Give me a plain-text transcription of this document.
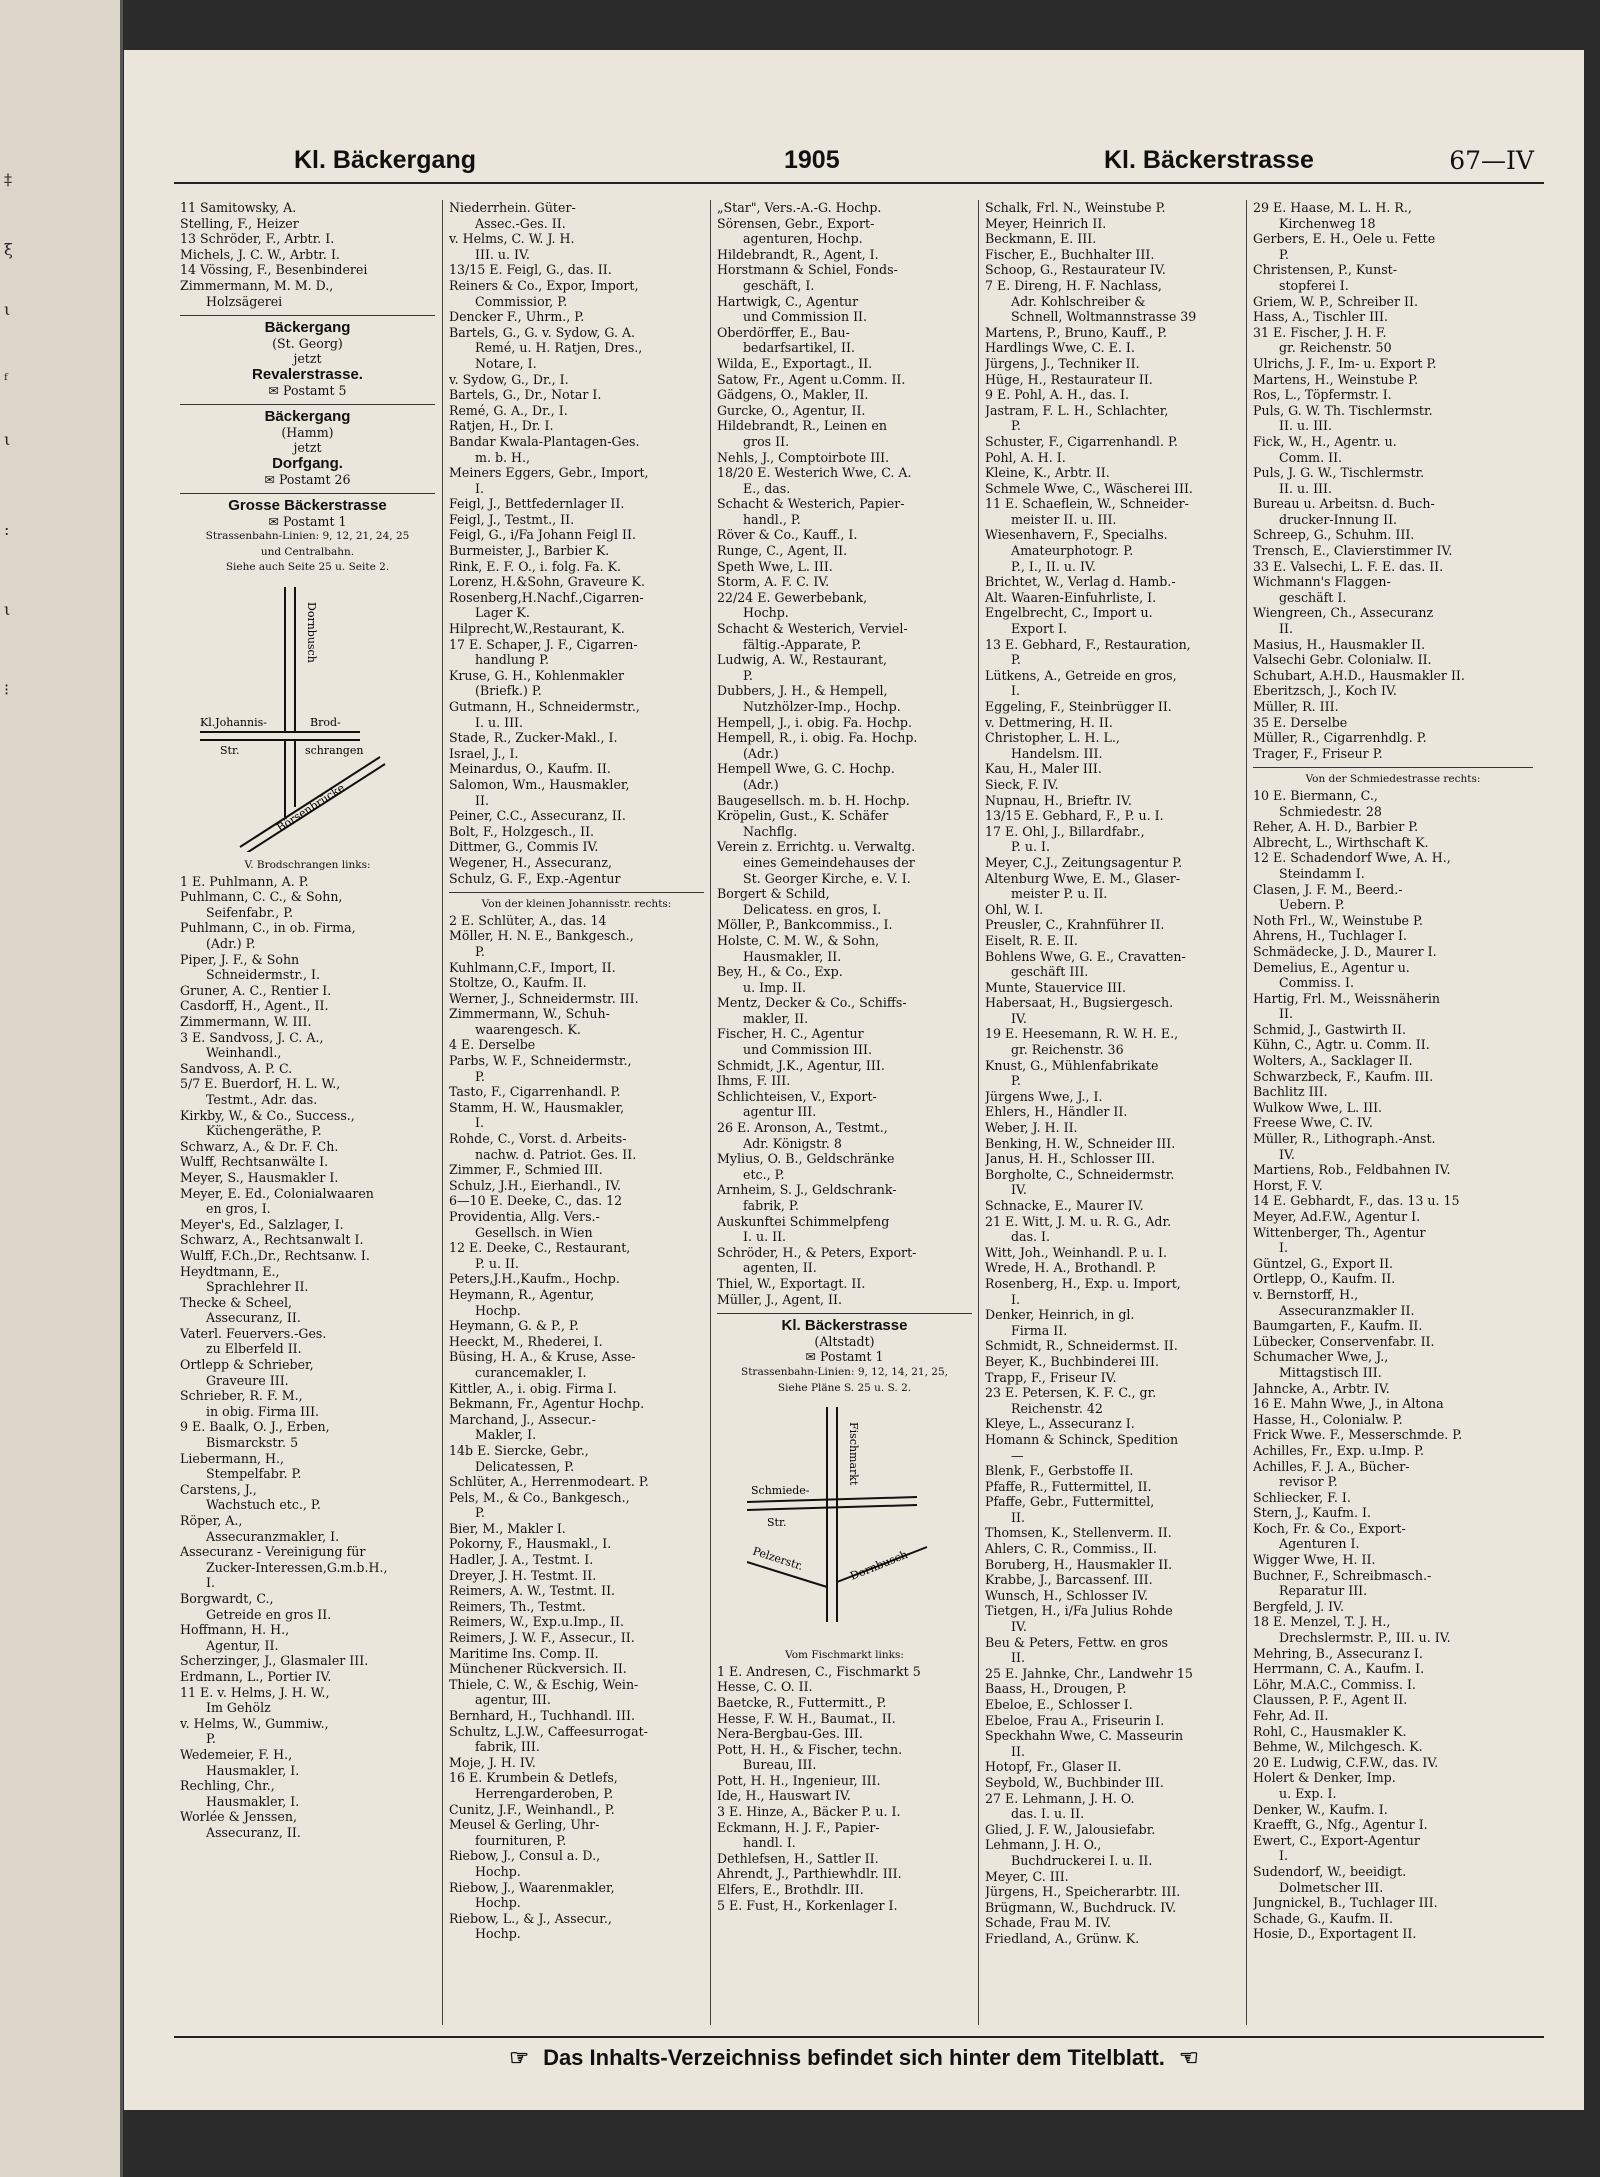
‡
ξ
ι
ᶠ
ι
:
ι
⁝
Kl. Bäckergang	1905	Kl. Bäckerstrasse	67—IV
11 Samitowsky, A.
Stelling, F., Heizer
13 Schröder, F., Arbtr. I.
Michels, J. C. W., Arbtr. I.
14 Vössing, F., Besenbinderei
Zimmermann, M. M. D.,
Holzsägerei
Bäckergang
(St. Georg)
jetzt
Revalerstrasse.
✉ Postamt 5
Bäckergang
(Hamm)
jetzt
Dorfgang.
✉ Postamt 26
Grosse Bäckerstrasse
✉ Postamt 1
Strassenbahn-Linien: 9, 12, 21, 24, 25
und Centralbahn.
Siehe auch Seite 25 u. Seite 2.
Dornbusch
Kl.Johannis-
Str.
Brod-
schrangen
Börsenbrücke
V. Brodschrangen links:
1 E. Puhlmann, A. P.
Puhlmann, C. C., & Sohn,
Seifenfabr., P.
Puhlmann, C., in ob. Firma,
(Adr.) P.
Piper, J. F., & Sohn
Schneidermstr., I.
Gruner, A. C., Rentier I.
Casdorff, H., Agent., II.
Zimmermann, W. III.
3 E. Sandvoss, J. C. A.,
Weinhandl.,
Sandvoss, A. P. C.
5/7 E. Buerdorf, H. L. W.,
Testmt., Adr. das.
Kirkby, W., & Co., Success.,
Küchengeräthe, P.
Schwarz, A., & Dr. F. Ch.
Wulff, Rechtsanwälte I.
Meyer, S., Hausmakler I.
Meyer, E. Ed., Colonialwaaren
en gros, I.
Meyer's, Ed., Salzlager, I.
Schwarz, A., Rechtsanwalt I.
Wulff, F.Ch.,Dr., Rechtsanw. I.
Heydtmann, E.,
Sprachlehrer II.
Thecke & Scheel,
Assecuranz, II.
Vaterl. Feuervers.-Ges.
zu Elberfeld II.
Ortlepp & Schrieber,
Graveure III.
Schrieber, R. F. M.,
in obig. Firma III.
9 E. Baalk, O. J., Erben,
Bismarckstr. 5
Liebermann, H.,
Stempelfabr. P.
Carstens, J.,
Wachstuch etc., P.
Röper, A.,
Assecuranzmakler, I.
Assecuranz - Vereinigung für
Zucker-Interessen,G.m.b.H.,
I.
Borgwardt, C.,
Getreide en gros II.
Hoffmann, H. H.,
Agentur, II.
Scherzinger, J., Glasmaler III.
Erdmann, L., Portier IV.
11 E. v. Helms, J. H. W.,
Im Gehölz
v. Helms, W., Gummiw.,
P.
Wedemeier, F. H.,
Hausmakler, I.
Rechling, Chr.,
Hausmakler, I.
Worlée & Jenssen,
Assecuranz, II.
Niederrhein. Güter-
Assec.-Ges. II.
v. Helms, C. W. J. H.
III. u. IV.
13/15 E. Feigl, G., das. II.
Reiners & Co., Expor, Import,
Commissior, P.
Dencker F., Uhrm., P.
Bartels, G., G. v. Sydow, G. A.
Remé, u. H. Ratjen, Dres.,
Notare, I.
v. Sydow, G., Dr., I.
Bartels, G., Dr., Notar I.
Remé, G. A., Dr., I.
Ratjen, H., Dr. I.
Bandar Kwala-Plantagen-Ges.
m. b. H.,
Meiners Eggers, Gebr., Import,
I.
Feigl, J., Bettfedernlager II.
Feigl, J., Testmt., II.
Feigl, G., i/Fa Johann Feigl II.
Burmeister, J., Barbier K.
Rink, E. F. O., i. folg. Fa. K.
Lorenz, H.&Sohn, Graveure K.
Rosenberg,H.Nachf.,Cigarren-
Lager K.
Hilprecht,W.,Restaurant, K.
17 E. Schaper, J. F., Cigarren-
handlung P.
Kruse, G. H., Kohlenmakler
(Briefk.) P.
Gutmann, H., Schneidermstr.,
I. u. III.
Stade, R., Zucker-Makl., I.
Israel, J., I.
Meinardus, O., Kaufm. II.
Salomon, Wm., Hausmakler,
II.
Peiner, C.C., Assecuranz, II.
Bolt, F., Holzgesch., II.
Dittmer, G., Commis IV.
Wegener, H., Assecuranz,
Schulz, G. F., Exp.-Agentur
Von der kleinen Johannisstr. rechts:
2 E. Schlüter, A., das. 14
Möller, H. N. E., Bankgesch.,
P.
Kuhlmann,C.F., Import, II.
Stoltze, O., Kaufm. II.
Werner, J., Schneidermstr. III.
Zimmermann, W., Schuh-
waarengesch. K.
4 E. Derselbe
Parbs, W. F., Schneidermstr.,
P.
Tasto, F., Cigarrenhandl. P.
Stamm, H. W., Hausmakler,
I.
Rohde, C., Vorst. d. Arbeits-
nachw. d. Patriot. Ges. II.
Zimmer, F., Schmied III.
Schulz, J.H., Eierhandl., IV.
6—10 E. Deeke, C., das. 12
Providentia, Allg. Vers.-
Gesellsch. in Wien
12 E. Deeke, C., Restaurant,
P. u. II.
Peters,J.H.,Kaufm., Hochp.
Heymann, R., Agentur,
Hochp.
Heymann, G. & P., P.
Heeckt, M., Rhederei, I.
Büsing, H. A., & Kruse, Asse-
curancemakler, I.
Kittler, A., i. obig. Firma I.
Bekmann, Fr., Agentur Hochp.
Marchand, J., Assecur.-
Makler, I.
14b E. Siercke, Gebr.,
Delicatessen, P.
Schlüter, A., Herrenmodeart. P.
Pels, M., & Co., Bankgesch.,
P.
Bier, M., Makler I.
Pokorny, F., Hausmakl., I.
Hadler, J. A., Testmt. I.
Dreyer, J. H. Testmt. II.
Reimers, A. W., Testmt. II.
Reimers, Th., Testmt.
Reimers, W., Exp.u.Imp., II.
Reimers, J. W. F., Assecur., II.
Maritime Ins. Comp. II.
Münchener Rückversich. II.
Thiele, C. W., & Eschig, Wein-
agentur, III.
Bernhard, H., Tuchhandl. III.
Schultz, L.J.W., Caffeesurrogat-
fabrik, III.
Moje, J. H. IV.
16 E. Krumbein & Detlefs,
Herrengarderoben, P.
Cunitz, J.F., Weinhandl., P.
Meusel & Gerling, Uhr-
fournituren, P.
Riebow, J., Consul a. D.,
Hochp.
Riebow, J., Waarenmakler,
Hochp.
Riebow, L., & J., Assecur.,
Hochp.
„Star", Vers.-A.-G. Hochp.
Sörensen, Gebr., Export-
agenturen, Hochp.
Hildebrandt, R., Agent, I.
Horstmann & Schiel, Fonds-
geschäft, I.
Hartwigk, C., Agentur
und Commission II.
Oberdörffer, E., Bau-
bedarfsartikel, II.
Wilda, E., Exportagt., II.
Satow, Fr., Agent u.Comm. II.
Gädgens, O., Makler, II.
Gurcke, O., Agentur, II.
Hildebrandt, R., Leinen en
gros II.
Nehls, J., Comptoirbote III.
18/20 E. Westerich Wwe, C. A.
E., das.
Schacht & Westerich, Papier-
handl., P.
Röver & Co., Kauff., I.
Runge, C., Agent, II.
Speth Wwe, L. III.
Storm, A. F. C. IV.
22/24 E. Gewerbebank,
Hochp.
Schacht & Westerich, Verviel-
fältig.-Apparate, P.
Ludwig, A. W., Restaurant,
P.
Dubbers, J. H., & Hempell,
Nutzhölzer-Imp., Hochp.
Hempell, J., i. obig. Fa. Hochp.
Hempell, R., i. obig. Fa. Hochp.
(Adr.)
Hempell Wwe, G. C. Hochp.
(Adr.)
Baugesellsch. m. b. H. Hochp.
Kröpelin, Gust., K. Schäfer
Nachflg.
Verein z. Errichtg. u. Verwaltg.
eines Gemeindehauses der
St. Georger Kirche, e. V. I.
Borgert & Schild,
Delicatess. en gros, I.
Möller, P., Bankcommiss., I.
Holste, C. M. W., & Sohn,
Hausmakler, II.
Bey, H., & Co., Exp.
u. Imp. II.
Mentz, Decker & Co., Schiffs-
makler, II.
Fischer, H. C., Agentur
und Commission III.
Schmidt, J.K., Agentur, III.
Ihms, F. III.
Schlichteisen, V., Export-
agentur III.
26 E. Aronson, A., Testmt.,
Adr. Königstr. 8
Mylius, O. B., Geldschränke
etc., P.
Arnheim, S. J., Geldschrank-
fabrik, P.
Auskunftei Schimmelpfeng
I. u. II.
Schröder, H., & Peters, Export-
agenten, II.
Thiel, W., Exportagt. II.
Müller, J., Agent, II.
Kl. Bäckerstrasse
(Altstadt)
✉ Postamt 1
Strassenbahn-Linien: 9, 12, 14, 21, 25,
Siehe Pläne S. 25 u. S. 2.
Fischmarkt
Schmiede-
Str.
Pelzerstr.	Dornbusch
Vom Fischmarkt links:
1 E. Andresen, C., Fischmarkt 5
Hesse, C. O. II.
Baetcke, R., Futtermitt., P.
Hesse, F. W. H., Baumat., II.
Nera-Bergbau-Ges. III.
Pott, H. H., & Fischer, techn.
Bureau, III.
Pott, H. H., Ingenieur, III.
Ide, H., Hauswart IV.
3 E. Hinze, A., Bäcker P. u. I.
Eckmann, H. J. F., Papier-
handl. I.
Dethlefsen, H., Sattler II.
Ahrendt, J., Parthiewhdlr. III.
Elfers, E., Brothdlr. III.
5 E. Fust, H., Korkenlager I.
Schalk, Frl. N., Weinstube P.
Meyer, Heinrich II.
Beckmann, E. III.
Fischer, E., Buchhalter III.
Schoop, G., Restaurateur IV.
7 E. Direng, H. F. Nachlass,
Adr. Kohlschreiber &
Schnell, Woltmannstrasse 39
Martens, P., Bruno, Kauff., P.
Hardlings Wwe, C. E. I.
Jürgens, J., Techniker II.
Hüge, H., Restaurateur II.
9 E. Pohl, A. H., das. I.
Jastram, F. L. H., Schlachter,
P.
Schuster, F., Cigarrenhandl. P.
Pohl, A. H. I.
Kleine, K., Arbtr. II.
Schmele Wwe, C., Wäscherei III.
11 E. Schaeflein, W., Schneider-
meister II. u. III.
Wiesenhavern, F., Specialhs.
Amateurphotogr. P.
P., I., II. u. IV.
Brichtet, W., Verlag d. Hamb.-
Alt. Waaren-Einfuhrliste, I.
Engelbrecht, C., Import u.
Export I.
13 E. Gebhard, F., Restauration,
P.
Lütkens, A., Getreide en gros,
I.
Eggeling, F., Steinbrügger II.
v. Dettmering, H. II.
Christopher, L. H. L.,
Handelsm. III.
Kau, H., Maler III.
Sieck, F. IV.
Nupnau, H., Brieftr. IV.
13/15 E. Gebhard, F., P. u. I.
17 E. Ohl, J., Billardfabr.,
P. u. I.
Meyer, C.J., Zeitungsagentur P.
Altenburg Wwe, E. M., Glaser-
meister P. u. II.
Ohl, W. I.
Preusler, C., Krahnführer II.
Eiselt, R. E. II.
Bohlens Wwe, G. E., Cravatten-
geschäft III.
Munte, Stauervice III.
Habersaat, H., Bugsiergesch.
IV.
19 E. Heesemann, R. W. H. E.,
gr. Reichenstr. 36
Knust, G., Mühlenfabrikate
P.
Jürgens Wwe, J., I.
Ehlers, H., Händler II.
Weber, J. H. II.
Benking, H. W., Schneider III.
Janus, H. H., Schlosser III.
Borgholte, C., Schneidermstr.
IV.
Schnacke, E., Maurer IV.
21 E. Witt, J. M. u. R. G., Adr.
das. I.
Witt, Joh., Weinhandl. P. u. I.
Wrede, H. A., Brothandl. P.
Rosenberg, H., Exp. u. Import,
I.
Denker, Heinrich, in gl.
Firma II.
Schmidt, R., Schneidermst. II.
Beyer, K., Buchbinderei III.
Trapp, F., Friseur IV.
23 E. Petersen, K. F. C., gr.
Reichenstr. 42
Kleye, L., Assecuranz I.
Homann & Schinck, Spedition
—
Blenk, F., Gerbstoffe II.
Pfaffe, R., Futtermittel, II.
Pfaffe, Gebr., Futtermittel,
II.
Thomsen, K., Stellenverm. II.
Ahlers, C. R., Commiss., II.
Boruberg, H., Hausmakler II.
Krabbe, J., Barcassenf. III.
Wunsch, H., Schlosser IV.
Tietgen, H., i/Fa Julius Rohde
IV.
Beu & Peters, Fettw. en gros
II.
25 E. Jahnke, Chr., Landwehr 15
Baass, H., Drougen, P.
Ebeloe, E., Schlosser I.
Ebeloe, Frau A., Friseurin I.
Speckhahn Wwe, C. Masseurin
II.
Hotopf, Fr., Glaser II.
Seybold, W., Buchbinder III.
27 E. Lehmann, J. H. O.
das. I. u. II.
Glied, J. F. W., Jalousiefabr.
Lehmann, J. H. O.,
Buchdruckerei I. u. II.
Meyer, C. III.
Jürgens, H., Speicherarbtr. III.
Brügmann, W., Buchdruck. IV.
Schade, Frau M. IV.
Friedland, A., Grünw. K.
29 E. Haase, M. L. H. R.,
Kirchenweg 18
Gerbers, E. H., Oele u. Fette
P.
Christensen, P., Kunst-
stopferei I.
Griem, W. P., Schreiber II.
Hass, A., Tischler III.
31 E. Fischer, J. H. F.
gr. Reichenstr. 50
Ulrichs, J. F., Im- u. Export P.
Martens, H., Weinstube P.
Ros, L., Töpfermstr. I.
Puls, G. W. Th. Tischlermstr.
II. u. III.
Fick, W., H., Agentr. u.
Comm. II.
Puls, J. G. W., Tischlermstr.
II. u. III.
Bureau u. Arbeitsn. d. Buch-
drucker-Innung II.
Schreep, G., Schuhm. III.
Trensch, E., Clavierstimmer IV.
33 E. Valsechi, L. F. E. das. II.
Wichmann's Flaggen-
geschäft I.
Wiengreen, Ch., Assecuranz
II.
Masius, H., Hausmakler II.
Valsechi Gebr. Colonialw. II.
Schubart, A.H.D., Hausmakler II.
Eberitzsch, J., Koch IV.
Müller, R. III.
35 E. Derselbe
Müller, R., Cigarrenhdlg. P.
Trager, F., Friseur P.
Von der Schmiedestrasse rechts:
10 E. Biermann, C.,
Schmiedestr. 28
Reher, A. H. D., Barbier P.
Albrecht, L., Wirthschaft K.
12 E. Schadendorf Wwe, A. H.,
Steindamm I.
Clasen, J. F. M., Beerd.-
Uebern. P.
Noth Frl., W., Weinstube P.
Ahrens, H., Tuchlager I.
Schmädecke, J. D., Maurer I.
Demelius, E., Agentur u.
Commiss. I.
Hartig, Frl. M., Weissnäherin
II.
Schmid, J., Gastwirth II.
Kühn, C., Agtr. u. Comm. II.
Wolters, A., Sacklager II.
Schwarzbeck, F., Kaufm. III.
Bachlitz III.
Wulkow Wwe, L. III.
Freese Wwe, C. IV.
Müller, R., Lithograph.-Anst.
IV.
Martiens, Rob., Feldbahnen IV.
Horst, F. V.
14 E. Gebhardt, F., das. 13 u. 15
Meyer, Ad.F.W., Agentur I.
Wittenberger, Th., Agentur
I.
Güntzel, G., Export II.
Ortlepp, O., Kaufm. II.
v. Bernstorff, H.,
Assecuranzmakler II.
Baumgarten, F., Kaufm. II.
Lübecker, Conservenfabr. II.
Schumacher Wwe, J.,
Mittagstisch III.
Jahncke, A., Arbtr. IV.
16 E. Mahn Wwe, J., in Altona
Hasse, H., Colonialw. P.
Frick Wwe. F., Messerschmde. P.
Achilles, Fr., Exp. u.Imp. P.
Achilles, F. J. A., Bücher-
revisor P.
Schliecker, F. I.
Stern, J., Kaufm. I.
Koch, Fr. & Co., Export-
Agenturen I.
Wigger Wwe, H. II.
Buchner, F., Schreibmasch.-
Reparatur III.
Bergfeld, J. IV.
18 E. Menzel, T. J. H.,
Drechslermstr. P., III. u. IV.
Mehring, B., Assecuranz I.
Herrmann, C. A., Kaufm. I.
Löhr, M.A.C., Commiss. I.
Claussen, P. F., Agent II.
Fehr, Ad. II.
Rohl, C., Hausmakler K.
Behme, W., Milchgesch. K.
20 E. Ludwig, C.F.W., das. IV.
Holert & Denker, Imp.
u. Exp. I.
Denker, W., Kaufm. I.
Kraefft, G., Nfg., Agentur I.
Ewert, C., Export-Agentur
I.
Sudendorf, W., beeidigt.
Dolmetscher III.
Jungnickel, B., Tuchlager III.
Schade, G., Kaufm. II.
Hosie, D., Exportagent II.
☞ Das Inhalts-Verzeichniss befindet sich hinter dem Titelblatt. ☜
